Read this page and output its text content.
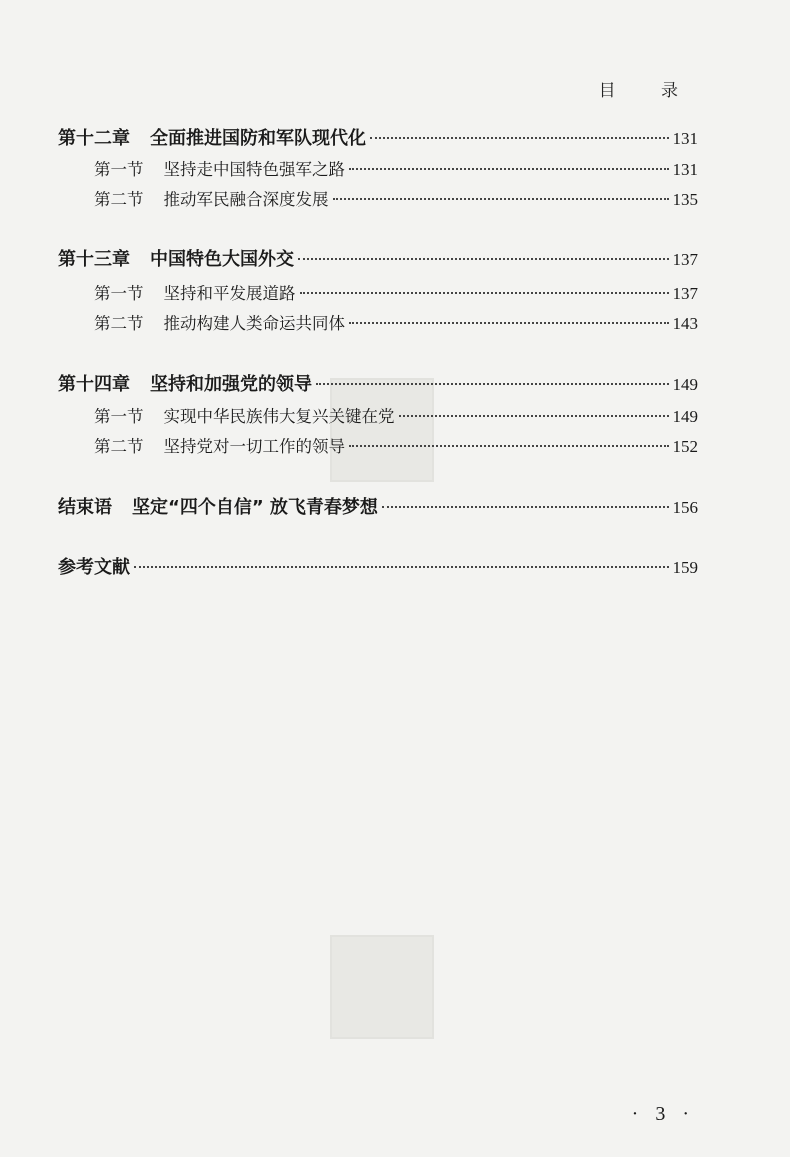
目 录
第十二章 全面推进国防和军队现代化	131
第一节 坚持走中国特色强军之路	131
第二节 推动军民融合深度发展	135
第十三章 中国特色大国外交	137
第一节 坚持和平发展道路	137
第二节 推动构建人类命运共同体	143
第十四章 坚持和加强党的领导	149
第一节 实现中华民族伟大复兴关键在党	149
第二节 坚持党对一切工作的领导	152
结束语 坚定“四个自信” 放飞青春梦想	156
参考文献	159
· 3 ·
